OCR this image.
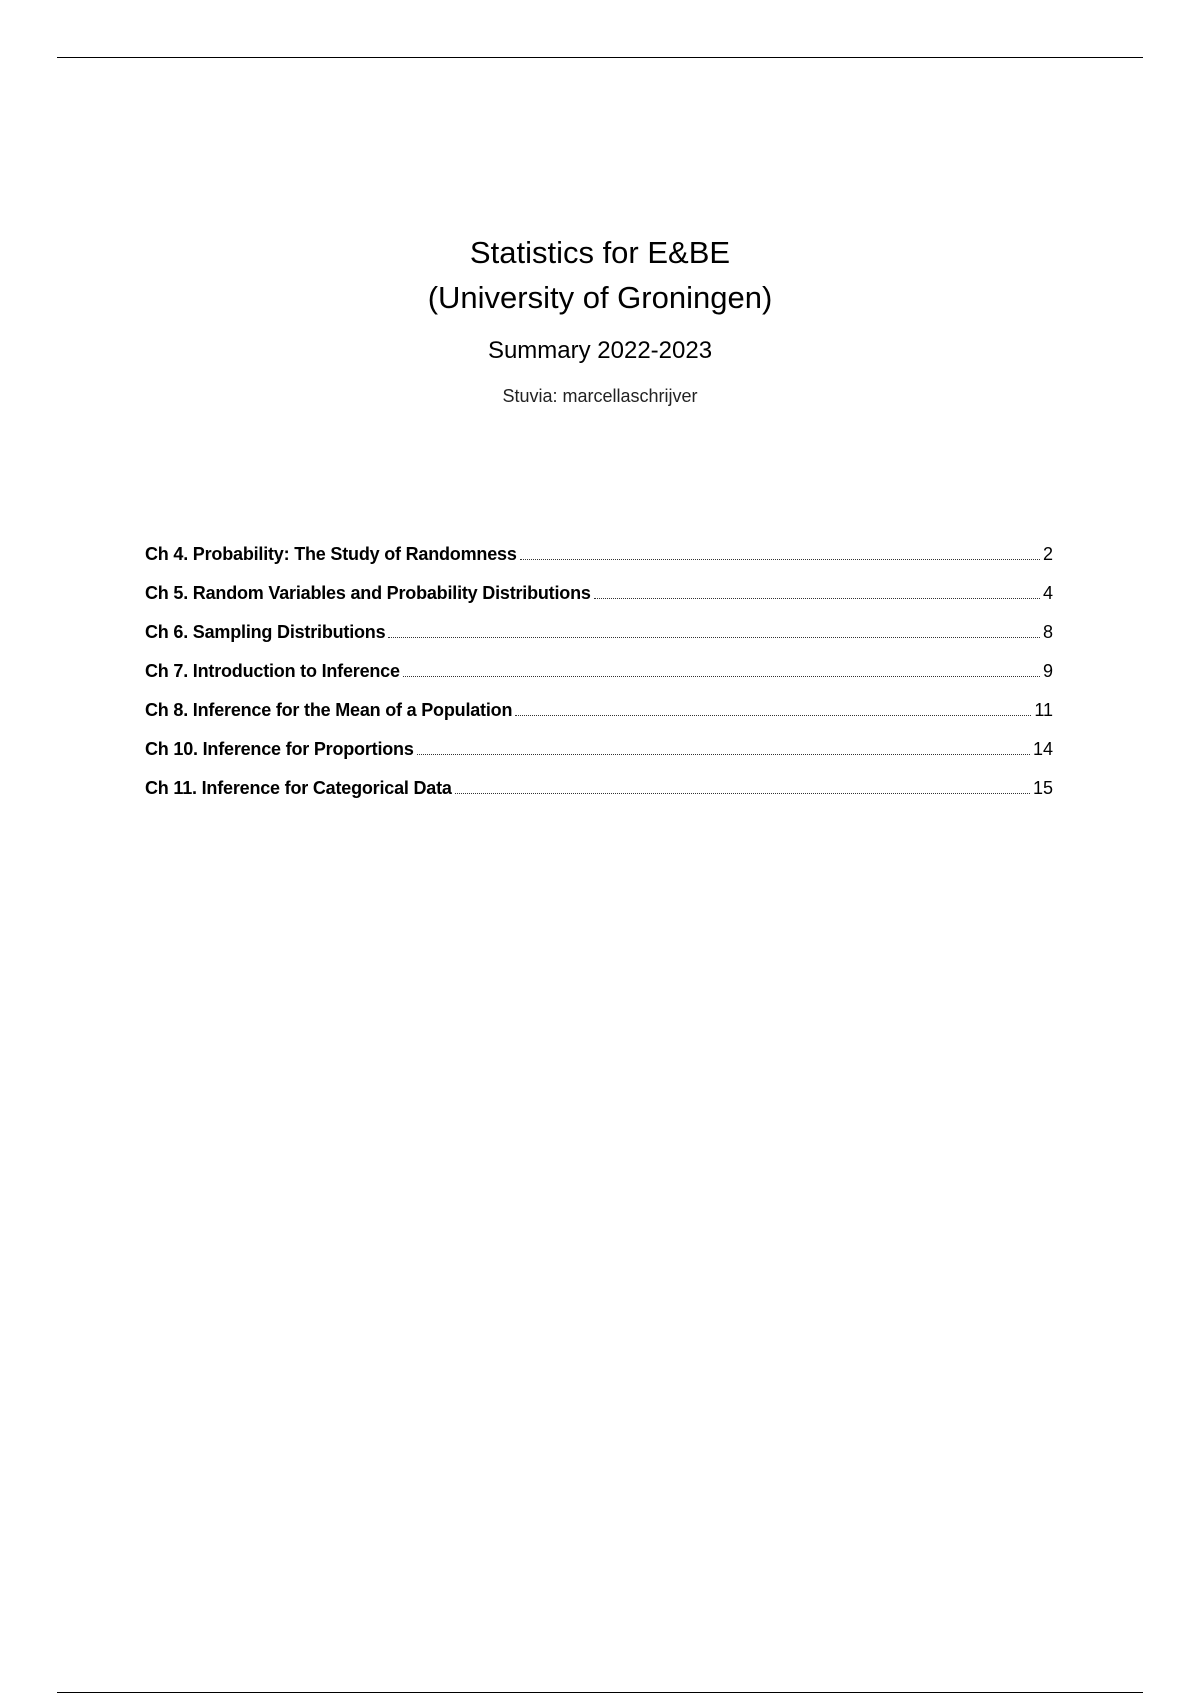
Statistics for E&BE
(University of Groningen)
Summary 2022-2023
Stuvia: marcellaschrijver
Ch 4. Probability: The Study of Randomness	2
Ch 5. Random Variables and Probability Distributions	4
Ch 6. Sampling Distributions	8
Ch 7. Introduction to Inference	9
Ch 8. Inference for the Mean of a Population	11
Ch 10. Inference for Proportions	14
Ch 11. Inference for Categorical Data	15
